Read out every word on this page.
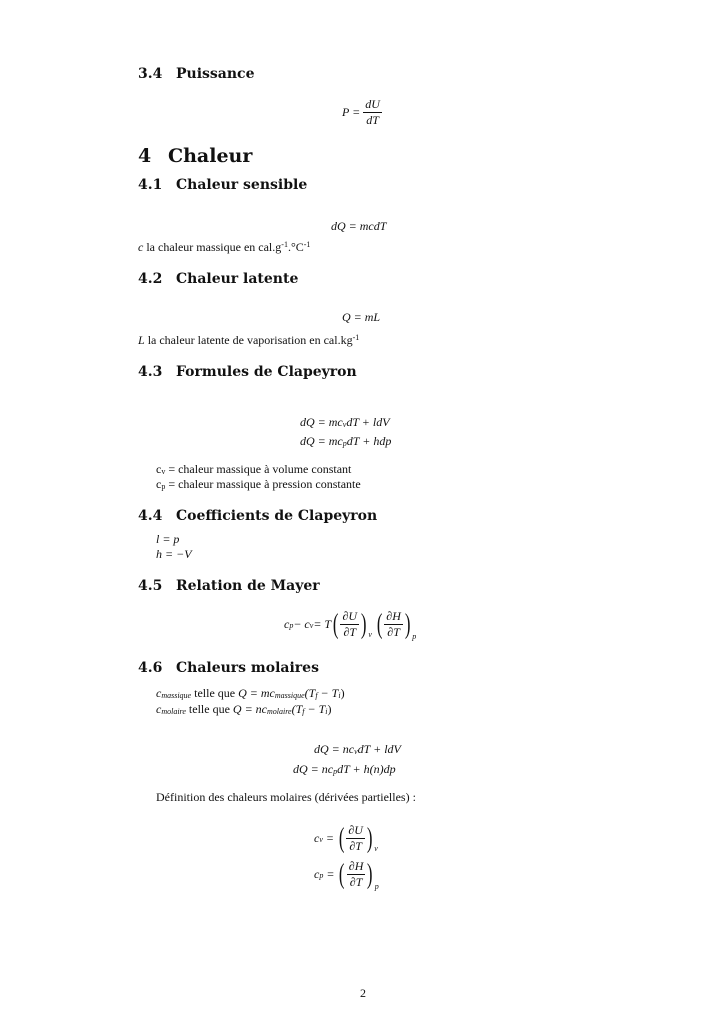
3.4 Puissance
P =
$\frac{dU}{dT}$
4 Chaleur
4.1 Chaleur sensible
dQ = mcdT
c la chaleur massique en $cal.g^{-1}.^\circ C^{-1}$
4.2 Chaleur latente
Q = mL
L la chaleur latente de vaporisation en $cal.kg^{-1}$
4.3 Formules de Clapeyron
dQ = $mc_vdT$ + ldV
dQ = $mc_pdT$ + hdp
$c_v$ = chaleur massique à volume constant
$c_p$ = chaleur massique à pression constante
4.4 Coefficients de Clapeyron
l = p
h = −V
4.5 Relation de Mayer
$c_p - c_v = T$ ( $\frac{\partial U}{\partial T} )_v$
( $\frac{\partial H}{\partial T} )_p$
4.6 Chaleurs molaires
$c_{massique}$ telle que $Q = mc_{massique}(T_f - T_i)$
$c_{molaire}$ telle que $Q = nc_{molaire}(T_f - T_i)$
dQ = $nc_vdT$ + ldV
dQ = $nc_pdT + h(n)dp$
Définition des chaleurs molaires (dérivées partielles) :
$c_v$ = ( $\frac{\partial U}{\partial T} )_v$
$c_p$ = ( $\frac{\partial H}{\partial T} )_p$
2
